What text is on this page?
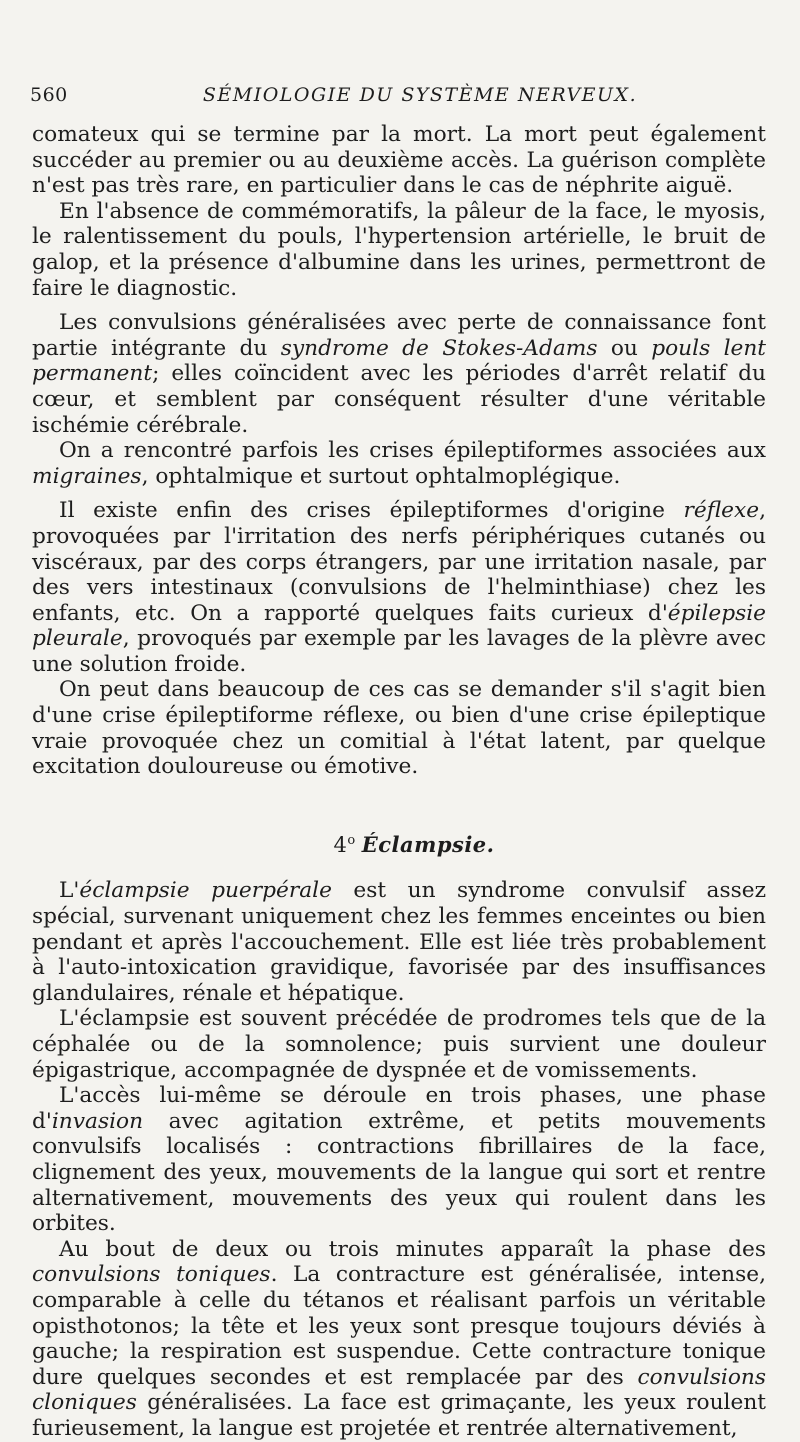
560	SÉMIOLOGIE DU SYSTÈME NERVEUX.

comateux qui se termine par la mort. La mort peut également succéder au premier ou au deuxième accès. La guérison complète n'est pas très rare, en particulier dans le cas de néphrite aiguë.

En l'absence de commémoratifs, la pâleur de la face, le myosis, le ralentissement du pouls, l'hypertension artérielle, le bruit de galop, et la présence d'albumine dans les urines, permettront de faire le diagnostic.

Les convulsions généralisées avec perte de connaissance font partie intégrante du syndrome de Stokes-Adams ou pouls lent permanent; elles coïncident avec les périodes d'arrêt relatif du cœur, et semblent par conséquent résulter d'une véritable ischémie cérébrale.

On a rencontré parfois les crises épileptiformes associées aux migraines, ophtalmique et surtout ophtalmoplégique.

Il existe enfin des crises épileptiformes d'origine réflexe, provoquées par l'irritation des nerfs périphériques cutanés ou viscéraux, par des corps étrangers, par une irritation nasale, par des vers intestinaux (convulsions de l'helminthiase) chez les enfants, etc. On a rapporté quelques faits curieux d'épilepsie pleurale, provoqués par exemple par les lavages de la plèvre avec une solution froide.

On peut dans beaucoup de ces cas se demander s'il s'agit bien d'une crise épileptiforme réflexe, ou bien d'une crise épileptique vraie provoquée chez un comitial à l'état latent, par quelque excitation douloureuse ou émotive.

4$^o$ Éclampsie.

L'éclampsie puerpérale est un syndrome convulsif assez spécial, survenant uniquement chez les femmes enceintes ou bien pendant et après l'accouchement. Elle est liée très probablement à l'auto-intoxication gravidique, favorisée par des insuffisances glandulaires, rénale et hépatique.

L'éclampsie est souvent précédée de prodromes tels que de la céphalée ou de la somnolence; puis survient une douleur épigastrique, accompagnée de dyspnée et de vomissements.

L'accès lui-même se déroule en trois phases, une phase d'invasion avec agitation extrême, et petits mouvements convulsifs localisés : contractions fibrillaires de la face, clignement des yeux, mouvements de la langue qui sort et rentre alternativement, mouvements des yeux qui roulent dans les orbites.

Au bout de deux ou trois minutes apparaît la phase des convulsions toniques. La contracture est généralisée, intense, comparable à celle du tétanos et réalisant parfois un véritable opisthotonos; la tête et les yeux sont presque toujours déviés à gauche; la respiration est suspendue. Cette contracture tonique dure quelques secondes et est remplacée par des convulsions cloniques généralisées. La face est grimaçante, les yeux roulent furieusement, la langue est projetée et rentrée alternativement,
